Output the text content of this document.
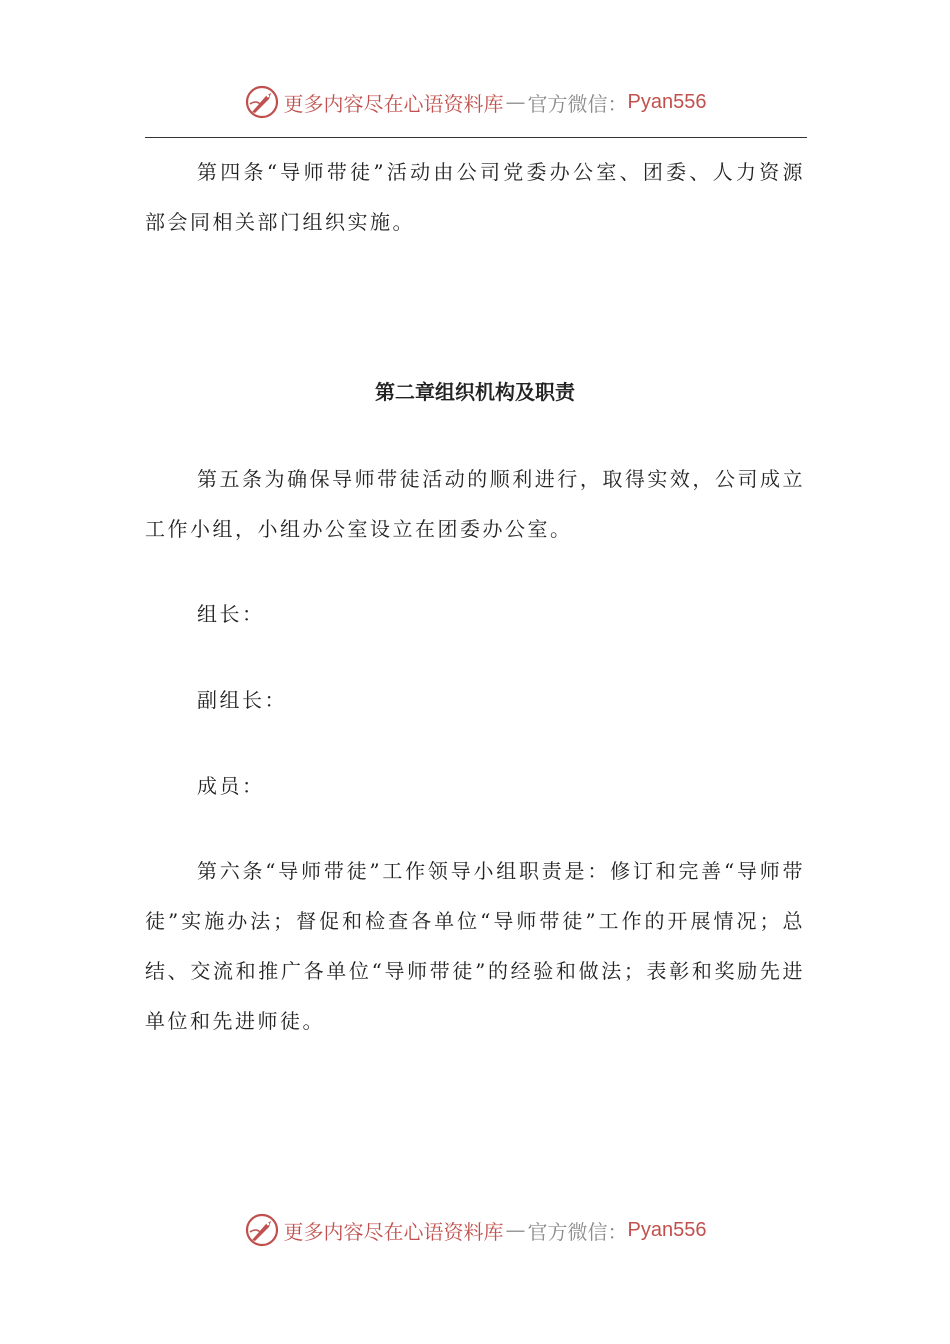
更多内容尽在心语资料库 — 官方微信： Pyan556

第四条“导师带徒”活动由公司党委办公室、团委、人力资源部会同相关部门组织实施。

第二章组织机构及职责

第五条为确保导师带徒活动的顺利进行，取得实效，公司成立工作小组，小组办公室设立在团委办公室。

组长：

副组长：

成员：

第六条“导师带徒”工作领导小组职责是：修订和完善“导师带徒”实施办法；督促和检查各单位“导师带徒”工作的开展情况；总结、交流和推广各单位“导师带徒”的经验和做法；表彰和奖励先进单位和先进师徒。

更多内容尽在心语资料库 — 官方微信： Pyan556
